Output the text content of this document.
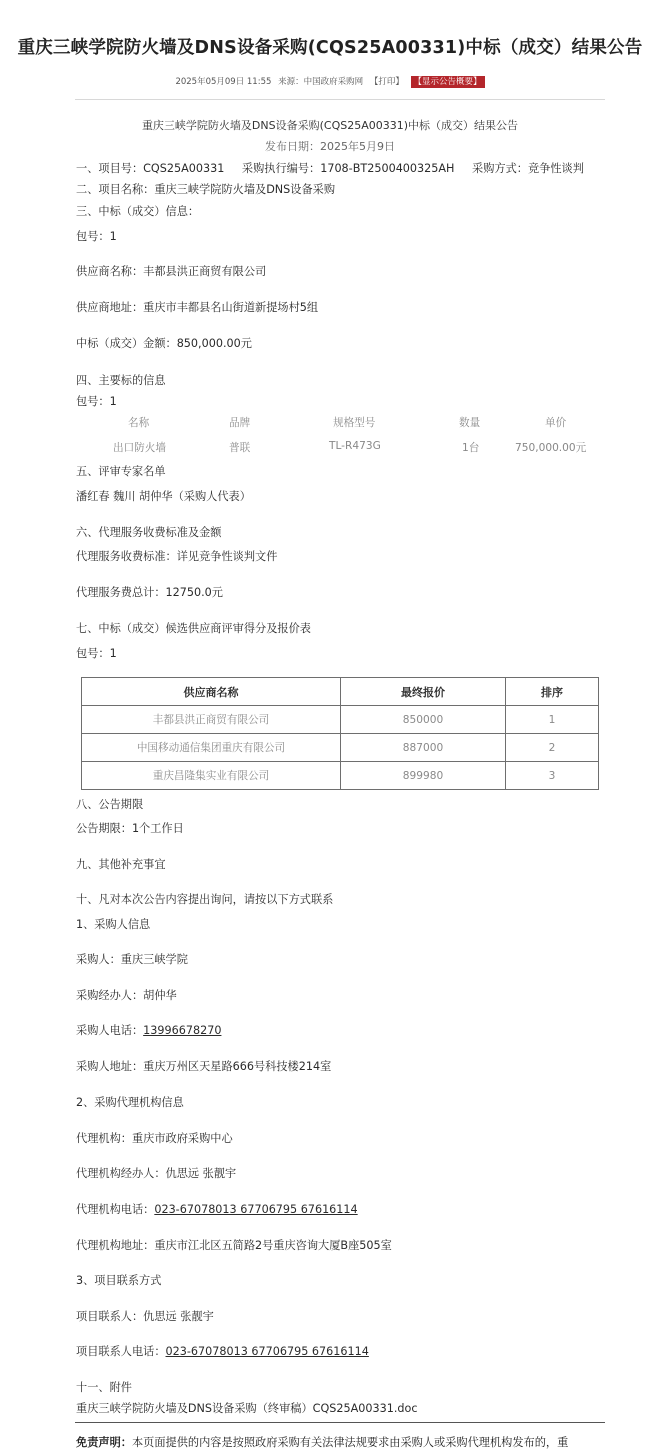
重庆三峡学院防火墙及DNS设备采购(CQS25A00331)中标（成交）结果公告
2025年05月09日 11:55 来源：中国政府采购网 【打印】 【显示公告概要】
重庆三峡学院防火墙及DNS设备采购(CQS25A00331)中标（成交）结果公告
发布日期：2025年5月9日
一、项目号：CQS25A00331 采购执行编号：1708-BT2500400325AH 采购方式：竞争性谈判
二、项目名称：重庆三峡学院防火墙及DNS设备采购
三、中标（成交）信息：
包号：1
供应商名称：丰都县洪正商贸有限公司
供应商地址：重庆市丰都县名山街道新提场村5组
中标（成交）金额：850,000.00元
四、主要标的信息
包号：1
名称	品牌	规格型号	数量	单价
出口防火墙	普联	TL-R473G	1台	750,000.00元
五、评审专家名单
潘红春 魏川 胡仲华（采购人代表）
六、代理服务收费标准及金额
代理服务收费标准：详见竞争性谈判文件
代理服务费总计：12750.0元
七、中标（成交）候选供应商评审得分及报价表
包号：1
供应商名称	最终报价	排序
丰都县洪正商贸有限公司	850000	1
中国移动通信集团重庆有限公司	887000	2
重庆昌隆集实业有限公司	899980	3
八、公告期限
公告期限：1个工作日
九、其他补充事宜
十、凡对本次公告内容提出询问，请按以下方式联系
1、采购人信息
采购人：重庆三峡学院
采购经办人：胡仲华
采购人电话：13996678270
采购人地址：重庆万州区天星路666号科技楼214室
2、采购代理机构信息
代理机构：重庆市政府采购中心
代理机构经办人：仇思远 张靓宇
代理机构电话：023-67078013 67706795 67616114
代理机构地址：重庆市江北区五简路2号重庆咨询大厦B座505室
3、项目联系方式
项目联系人：仇思远 张靓宇
项目联系人电话：023-67078013 67706795 67616114
十一、附件
重庆三峡学院防火墙及DNS设备采购（终审稿）CQS25A00331.doc
免责声明：本页面提供的内容是按照政府采购有关法律法规要求由采购人或采购代理机构发布的，重
